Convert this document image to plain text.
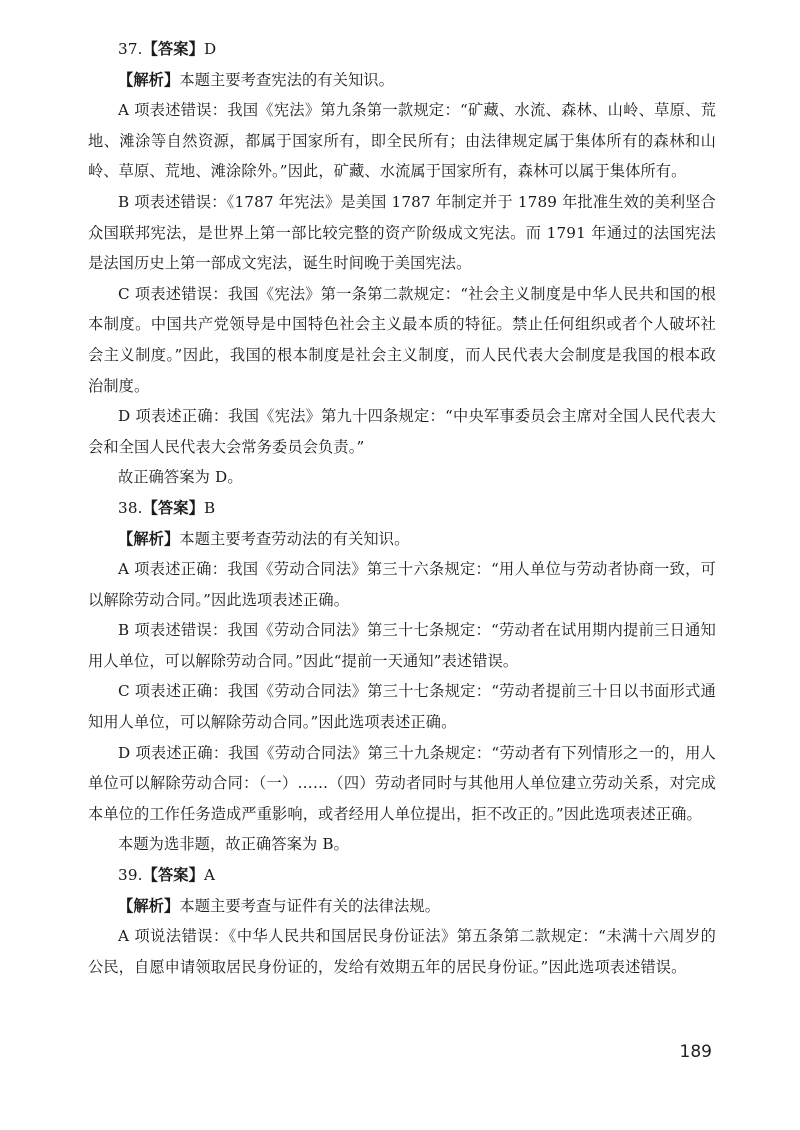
37.【答案】D

【解析】本题主要考查宪法的有关知识。

A 项表述错误：我国《宪法》第九条第一款规定：“矿藏、水流、森林、山岭、草原、荒地、滩涂等自然资源，都属于国家所有，即全民所有；由法律规定属于集体所有的森林和山岭、草原、荒地、滩涂除外。”因此，矿藏、水流属于国家所有，森林可以属于集体所有。

B 项表述错误：《1787 年宪法》是美国 1787 年制定并于 1789 年批准生效的美利坚合众国联邦宪法，是世界上第一部比较完整的资产阶级成文宪法。而 1791 年通过的法国宪法是法国历史上第一部成文宪法，诞生时间晚于美国宪法。

C 项表述错误：我国《宪法》第一条第二款规定：“社会主义制度是中华人民共和国的根本制度。中国共产党领导是中国特色社会主义最本质的特征。禁止任何组织或者个人破坏社会主义制度。”因此，我国的根本制度是社会主义制度，而人民代表大会制度是我国的根本政治制度。

D 项表述正确：我国《宪法》第九十四条规定：“中央军事委员会主席对全国人民代表大会和全国人民代表大会常务委员会负责。”

故正确答案为 D。

38.【答案】B

【解析】本题主要考查劳动法的有关知识。

A 项表述正确：我国《劳动合同法》第三十六条规定：“用人单位与劳动者协商一致，可以解除劳动合同。”因此选项表述正确。

B 项表述错误：我国《劳动合同法》第三十七条规定：“劳动者在试用期内提前三日通知用人单位，可以解除劳动合同。”因此“提前一天通知”表述错误。

C 项表述正确：我国《劳动合同法》第三十七条规定：“劳动者提前三十日以书面形式通知用人单位，可以解除劳动合同。”因此选项表述正确。

D 项表述正确：我国《劳动合同法》第三十九条规定：“劳动者有下列情形之一的，用人单位可以解除劳动合同：（一）……（四）劳动者同时与其他用人单位建立劳动关系，对完成本单位的工作任务造成严重影响，或者经用人单位提出，拒不改正的。”因此选项表述正确。

本题为选非题，故正确答案为 B。

39.【答案】A

【解析】本题主要考查与证件有关的法律法规。

A 项说法错误：《中华人民共和国居民身份证法》第五条第二款规定：“未满十六周岁的公民，自愿申请领取居民身份证的，发给有效期五年的居民身份证。”因此选项表述错误。

189
